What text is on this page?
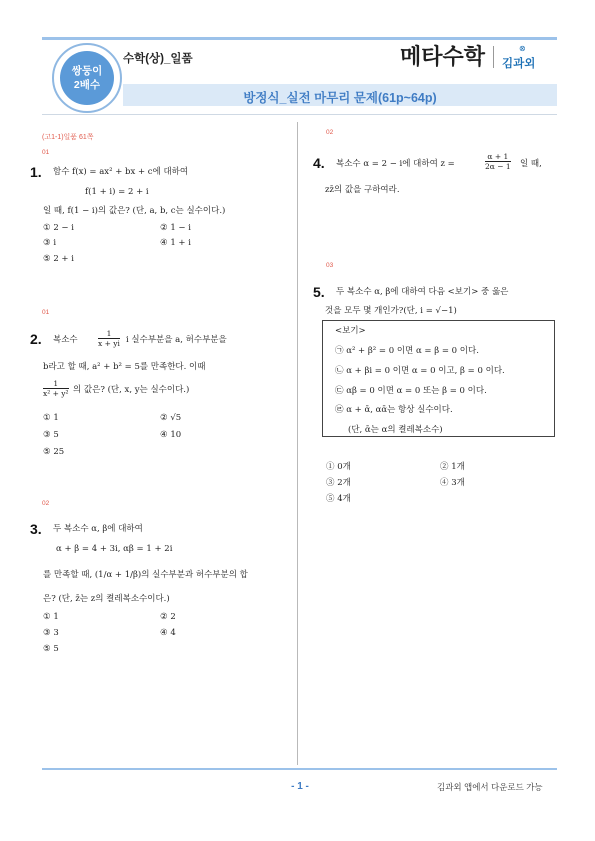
쌍둥이
2배수
수학(상)_일품	메타수학	⊗
김과외
방정식_실전 마무리 문제(61p~64p)
(고1-1)일품 61쪽
01
1. 함수 f(x) = ax² + bx + c에 대하여
f(1 + i) = 2 + i
일 때, f(1 − i)의 값은? (단, a, b, c는 실수이다.)
① 2 − i	② 1 − i
③ i	④ 1 + i
⑤ 2 + i
01
2. 복소수	$\frac{1}{x + yi}$ i 실수부분을 a, 허수부분을
b라고 할 때, a² + b² = 5를 만족한다. 이때
$\frac{1}{\text{x² + y²}}$ 의 값은? (단, x, y는 실수이다.)
① 1	② √5
③ 5	④ 10
⑤ 25
02
3. 두 복소수 α, β에 대하여
α + β = 4 + 3i, αβ = 1 + 2i
를 만족할 때, (1/α + 1/β)의 실수부분과 허수부분의 합
은? (단, z̄는 z의 켤레복소수이다.)
① 1	② 2
③ 3	④ 4
⑤ 5
02
4. 복소수 α = 2 − i에 대하여 z =	$\frac{\alpha + 1}{2\alpha - 1}$ 일 때,
zz̄의 값을 구하여라.
03
5. 두 복소수 α, β에 대하여 다음 <보기> 중 옳은
것을 모두 몇 개인가?(단, i = √−1)
<보기>
㉠ α² + β² = 0 이면 α = β = 0 이다.
㉡ α + βi = 0 이면 α = 0 이고, β = 0 이다.
㉢ αβ = 0 이면 α = 0 또는 β = 0 이다.
㉣ α + ᾱ, αᾱ는 항상 실수이다.
(단, ᾱ는 α의 켤레복소수)
① 0개	② 1개
③ 2개	④ 3개
⑤ 4개
- 1 -	김과외 앱에서 다운로드 가능
